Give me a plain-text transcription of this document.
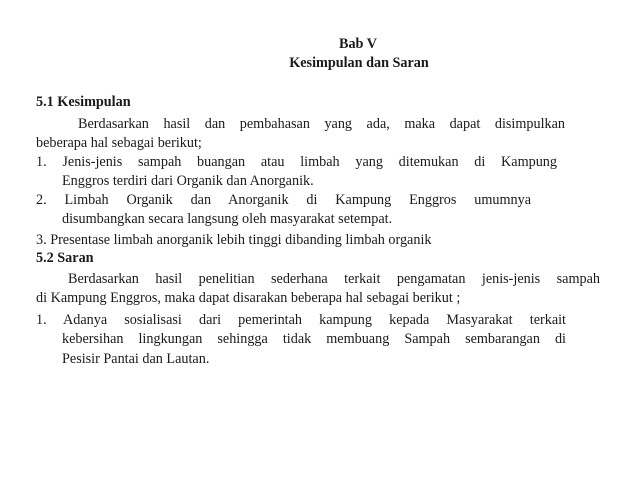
Bab V
Kesimpulan dan Saran
5.1 Kesimpulan
Berdasarkan hasil dan pembahasan yang ada, maka dapat disimpulkan
beberapa hal sebagai berikut;
1. Jenis-jenis sampah buangan atau limbah yang ditemukan di Kampung
Enggros terdiri dari Organik dan Anorganik.
2. Limbah Organik dan Anorganik di Kampung Enggros umumnya
disumbangkan secara langsung oleh masyarakat setempat.
3. Presentase limbah anorganik lebih tinggi dibanding limbah organik
5.2 Saran
Berdasarkan hasil penelitian sederhana terkait pengamatan jenis-jenis sampah
di Kampung Enggros, maka dapat disarakan beberapa hal sebagai berikut ;
1. Adanya sosialisasi dari pemerintah kampung kepada Masyarakat terkait
kebersihan lingkungan sehingga tidak membuang Sampah sembarangan di
Pesisir Pantai dan Lautan.
